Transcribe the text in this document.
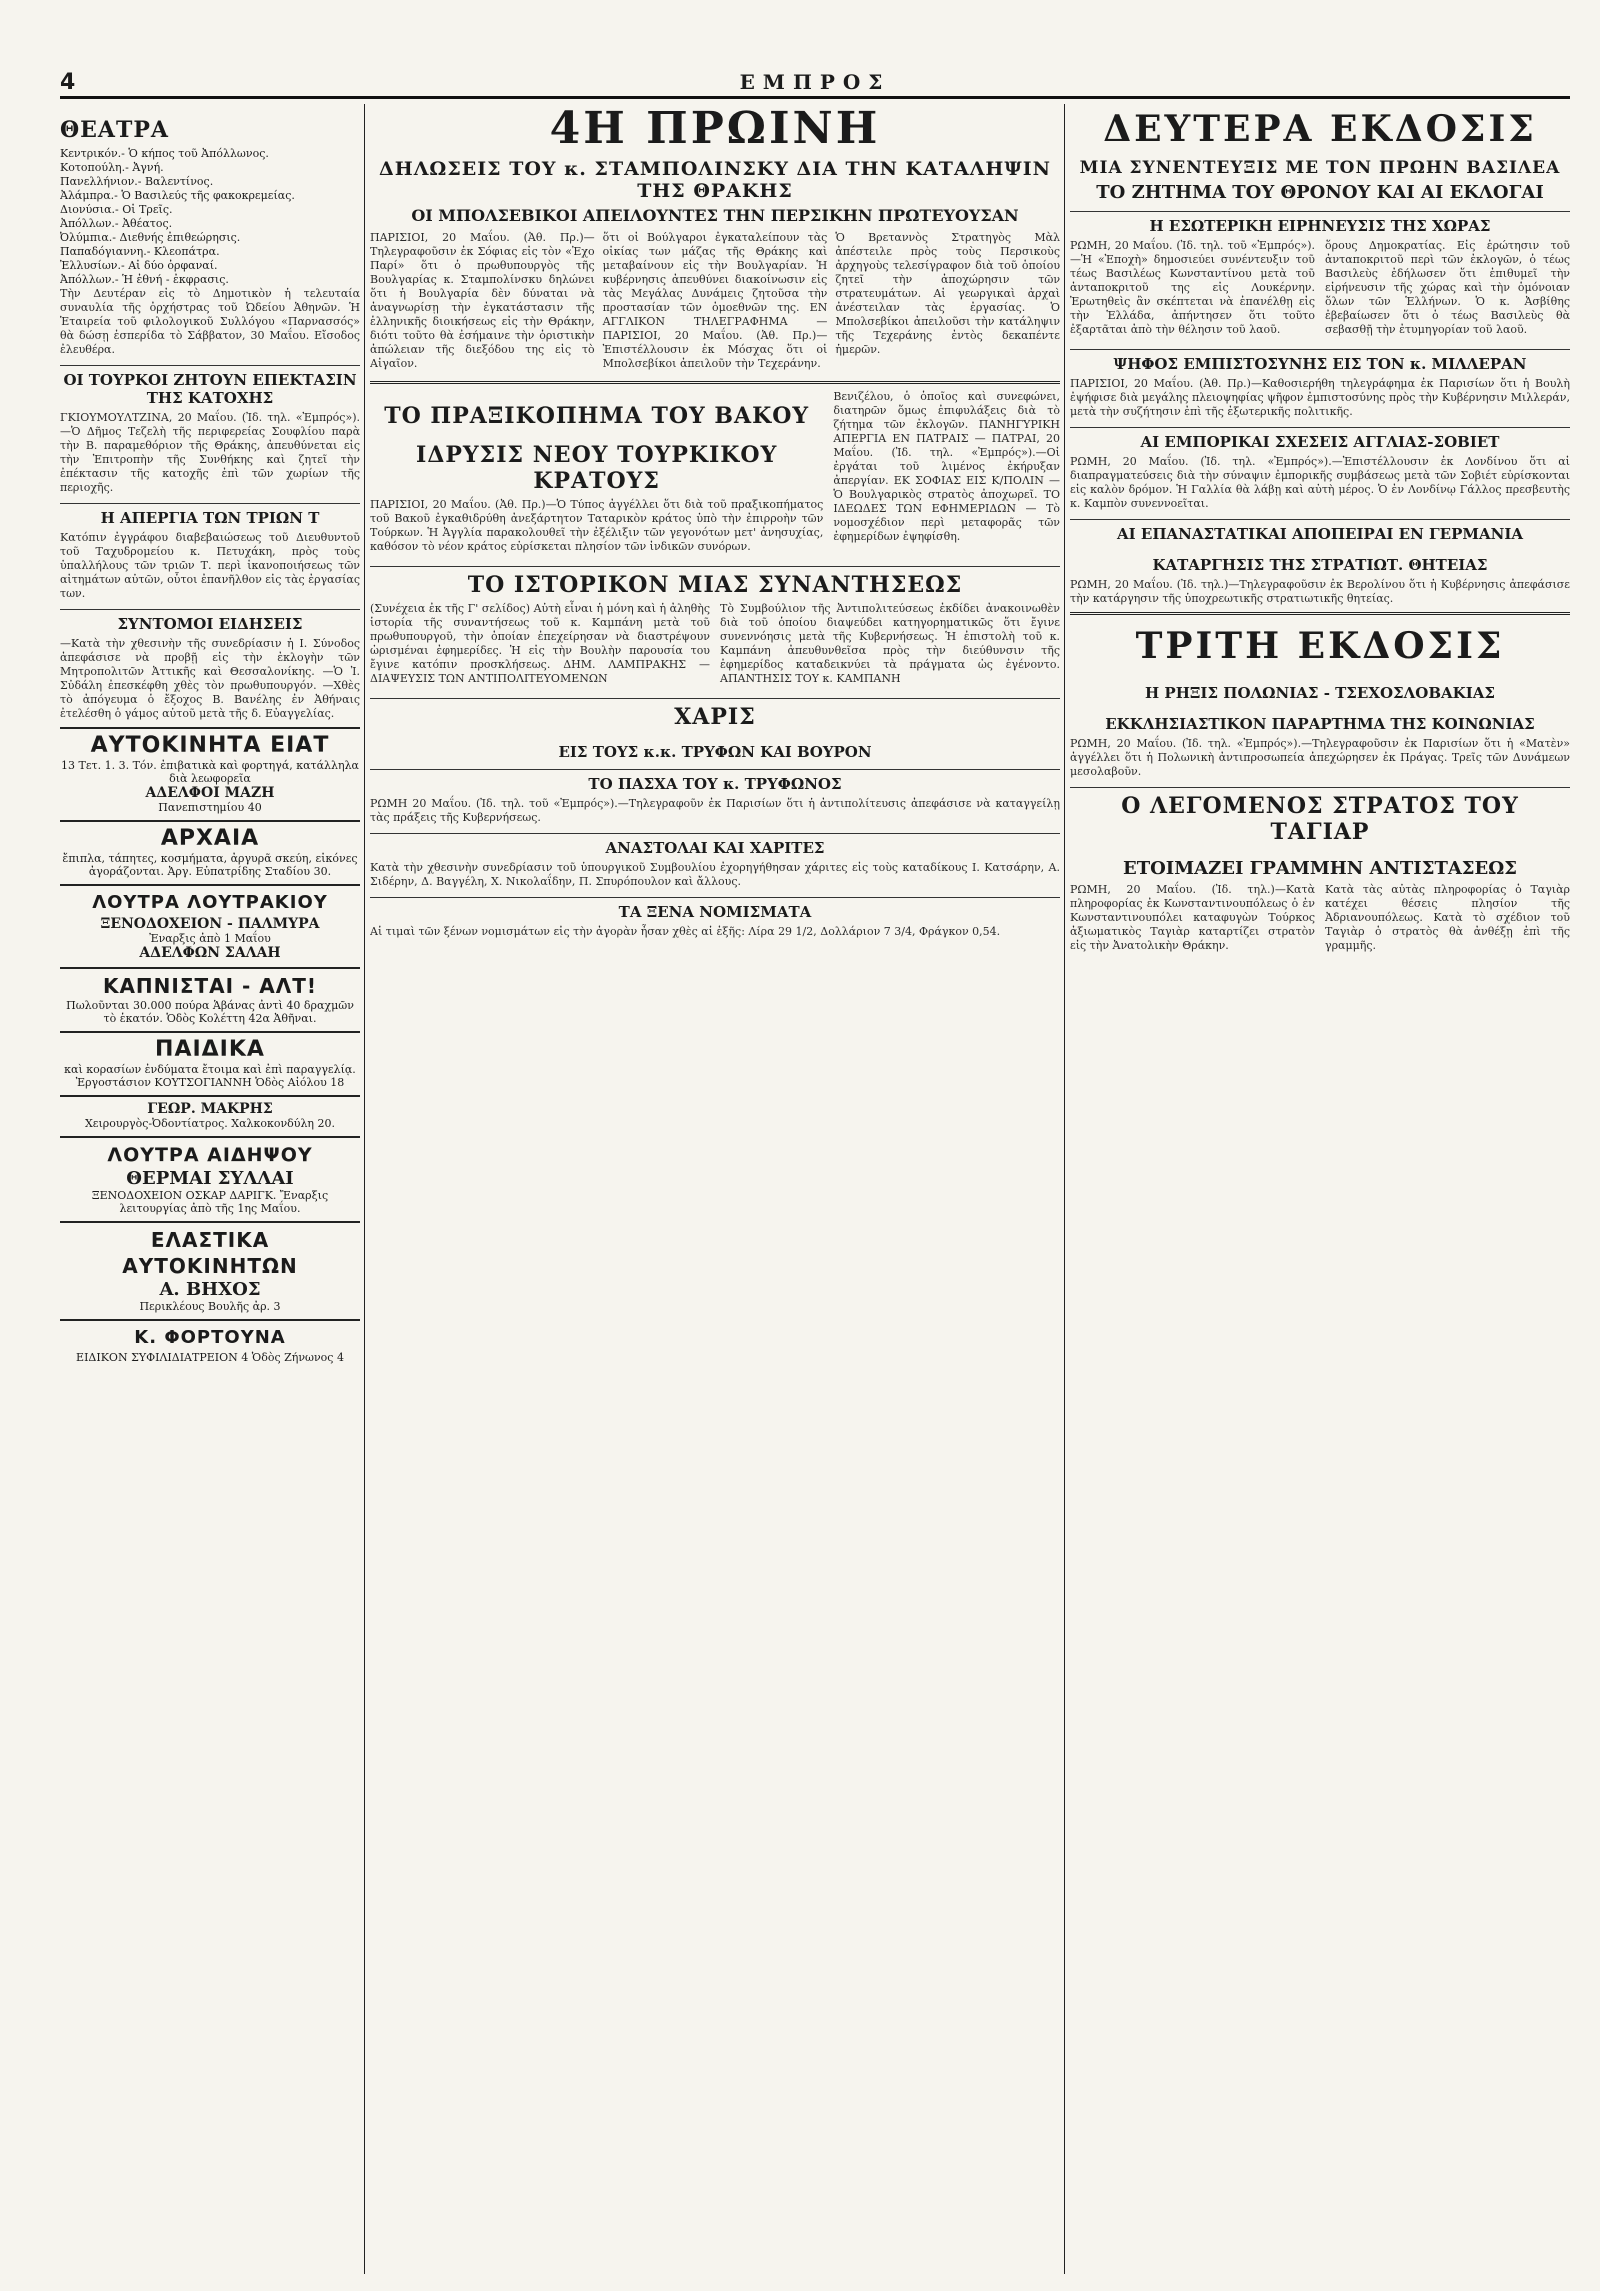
4	ΕΜΠΡΟΣ
ΘΕΑΤΡΑ

Κεντρικόν.- Ὁ κήπος τοῦ Ἀπόλλωνος.

Κοτοπούλη.- Ἀγνή.

Πανελλήνιον.- Βαλεντίνος.

Ἀλάμπρα.- Ὁ Βασιλεύς τῆς φακοκρεμείας.

Διονύσια.- Οἱ Τρεῖς.

Ἀπόλλων.- Ἀθέατος.

Ὀλύμπια.- Διεθνής ἐπιθεώρησις.

Παπαδόγιαννη.- Κλεοπάτρα.

Ἐλλυσίων.- Αἰ δύο ὀρφαναί.

Ἀπόλλων.- Ἡ ἐθνή - ἐκφρασις.

Τὴν Δευτέραν εἰς τὸ Δημοτικὸν ἡ τελευταία συναυλία τῆς ὀρχήστρας τοῦ Ὠδείου Ἀθηνῶν. Ἡ Ἑταιρεία τοῦ φιλολογικοῦ Συλλόγου «Παρνασσός» θὰ δώσῃ ἑσπερίδα τὸ Σάββατον, 30 Μαΐου. Εἴσοδος ἐλευθέρα.

ΟΙ ΤΟΥΡΚΟΙ ΖΗΤΟΥΝ ΕΠΕΚΤΑΣΙΝ ΤΗΣ ΚΑΤΟΧΗΣ

ΓΚΙΟΥΜΟΥΛΤΖΙΝΑ, 20 Μαΐου. (Ἰδ. τηλ. «Ἐμπρός»).—Ὁ Δῆμος Τεζελὴ τῆς περιφερείας Σουφλίου παρὰ τὴν Β. παραμεθόριον τῆς Θράκης, ἀπευθύνεται εἰς τὴν Ἐπιτροπὴν τῆς Συνθήκης καὶ ζητεῖ τὴν ἐπέκτασιν τῆς κατοχῆς ἐπὶ τῶν χωρίων τῆς περιοχῆς.

Η ΑΠΕΡΓΙΑ ΤΩΝ ΤΡΙΩΝ Τ

Κατόπιν ἐγγράφου διαβεβαιώσεως τοῦ Διευθυντοῦ τοῦ Ταχυδρομείου κ. Πετυχάκη, πρὸς τοὺς ὑπαλλήλους τῶν τριῶν Τ. περὶ ἱκανοποιήσεως τῶν αἰτημάτων αὐτῶν, οὗτοι ἐπανῆλθον εἰς τὰς ἐργασίας των.

ΣΥΝΤΟΜΟΙ ΕΙΔΗΣΕΙΣ

—Κατὰ τὴν χθεσινὴν τῆς συνεδρίασιν ἡ Ι. Σύνοδος ἀπεφάσισε νὰ προβῇ εἰς τὴν ἐκλογὴν τῶν Μητροπολιτῶν Ἀττικῆς καὶ Θεσσαλονίκης. —Ὁ Ἰ. Σὐδάλη ἐπεσκέφθη χθὲς τὸν πρωθυπουργόν. —Χθὲς τὸ ἀπόγευμα ὁ ἔξοχος Β. Βανέλης ἐν Ἀθήναις ἐτελέσθη ὁ γάμος αὐτοῦ μετὰ τῆς δ. Εὐαγγελίας.

ΑΥΤΟΚΙΝΗΤΑ ΕΙΑΤ
13 Τετ. 1. 3. Τόν. ἐπιβατικὰ καὶ φορτηγά, κατάλληλα διὰ λεωφορεῖα
ΑΔΕΛΦΟΙ ΜΑΖΗ
Πανεπιστημίου 40
ΑΡΧΑΙΑ
ἔπιπλα, τάπητες, κοσμήματα, ἀργυρᾶ σκεύη, εἰκόνες ἀγοράζονται. Ἀργ. Εὐπατρίδης Σταδίου 30.
ΛΟΥΤΡΑ ΛΟΥΤΡΑΚΙΟΥ
ΞΕΝΟΔΟΧΕΙΟΝ - ΠΑΛΜΥΡΑ
Ἐναρξις ἀπὸ 1 Μαΐου
ΑΔΕΛΦΩΝ ΣΑΛΑΗ
ΚΑΠΝΙΣΤΑΙ - ΑΛΤ!
Πωλοῦνται 30.000 πούρα Ἁβάνας ἀντὶ 40 δραχμῶν τὸ ἑκατόν. Ὁδὸς Κολέττη 42α Ἀθῆναι.
ΠΑΙΔΙΚΑ
καὶ κορασίων ἐνδύματα ἔτοιμα καὶ ἐπὶ παραγγελίᾳ. Ἐργοστάσιον ΚΟΥΤΣΟΓΙΑΝΝΗ Ὁδὸς Αἰόλου 18
ΓΕΩΡ. ΜΑΚΡΗΣ
Χειρουργὸς-Ὀδοντίατρος. Χαλκοκονδύλη 20.
ΛΟΥΤΡΑ ΑΙΔΗΨΟΥ
ΘΕΡΜΑΙ ΣΥΛΛΑΙ
ΞΕΝΟΔΟΧΕΙΟΝ ΟΣΚΑΡ ΔΑΡΙΓΚ. Ἔναρξις λειτουργίας ἀπὸ τῆς 1ης Μαΐου.
ΕΛΑΣΤΙΚΑ ΑΥΤΟΚΙΝΗΤΩΝ
Α. ΒΗΧΟΣ
Περικλέους Βουλῆς ἀρ. 3
Κ. ΦΟΡΤΟΥΝΑ
ΕΙΔΙΚΟΝ ΣΥΦΙΛΙΔΙΑΤΡΕΙΟΝ 4 Ὁδὸς Ζήνωνος 4
4Η ΠΡΩΙΝΗ
ΔΗΛΩΣΕΙΣ ΤΟΥ κ. ΣΤΑΜΠΟΛΙΝΣΚΥ ΔΙΑ ΤΗΝ ΚΑΤΑΛΗΨΙΝ ΤΗΣ ΘΡΑΚΗΣ
ΟΙ ΜΠΟΛΣΕΒΙΚΟΙ ΑΠΕΙΛΟΥΝΤΕΣ ΤΗΝ ΠΕΡΣΙΚΗΝ ΠΡΩΤΕΥΟΥΣΑΝ

ΠΑΡΙΣΙΟΙ, 20 Μαΐου. (Ἀθ. Πρ.)—Τηλεγραφοῦσιν ἐκ Σόφιας εἰς τὸν «Ἐχο Παρί» ὅτι ὁ πρωθυπουργὸς τῆς Βουλγαρίας κ. Σταμπολίνσκυ δηλώνει ὅτι ἡ Βουλγαρία δὲν δύναται νὰ ἀναγνωρίσῃ τὴν ἐγκατάστασιν τῆς ἑλληνικῆς διοικήσεως εἰς τὴν Θράκην, διότι τοῦτο θὰ ἐσήμαινε τὴν ὁριστικὴν ἀπώλειαν τῆς διεξόδου της εἰς τὸ Αἰγαῖον.

ὅτι οἱ Βούλγαροι ἐγκαταλείπουν τὰς οἰκίας των μάζας τῆς Θράκης καὶ μεταβαίνουν εἰς τὴν Βουλγαρίαν. Ἡ κυβέρνησις ἀπευθύνει διακοίνωσιν εἰς τὰς Μεγάλας Δυνάμεις ζητοῦσα τὴν προστασίαν τῶν ὁμοεθνῶν της. ΕΝ ΑΓΓΛΙΚΟΝ ΤΗΛΕΓΡΑΦΗΜΑ — ΠΑΡΙΣΙΟΙ, 20 Μαΐου. (Ἀθ. Πρ.)—Ἐπιστέλλουσιν ἐκ Μόσχας ὅτι οἱ Μπολσεβίκοι ἀπειλοῦν τὴν Τεχεράνην.

Ὁ Βρεταννὸς Στρατηγὸς Μὰλ ἀπέστειλε πρὸς τοὺς Περσικοὺς ἀρχηγοὺς τελεσίγραφον διὰ τοῦ ὁποίου ζητεῖ τὴν ἀποχώρησιν τῶν στρατευμάτων. Αἱ γεωργικαὶ ἀρχαὶ ἀνέστειλαν τὰς ἐργασίας. Ὁ Μπολσεβίκοι ἀπειλοῦσι τὴν κατάληψιν τῆς Τεχεράνης ἐντὸς δεκαπέντε ἡμερῶν.

ΤΟ ΠΡΑΞΙΚΟΠΗΜΑ ΤΟΥ ΒΑΚΟΥ
ΙΔΡΥΣΙΣ ΝΕΟΥ ΤΟΥΡΚΙΚΟΥ ΚΡΑΤΟΥΣ

ΠΑΡΙΣΙΟΙ, 20 Μαΐου. (Ἀθ. Πρ.)—Ὁ Τύπος ἀγγέλλει ὅτι διὰ τοῦ πραξικοπήματος τοῦ Βακοῦ ἐγκαθιδρύθη ἀνεξάρτητον Ταταρικὸν κράτος ὑπὸ τὴν ἐπιρροὴν τῶν Τούρκων. Ἡ Ἀγγλία παρακολουθεῖ τὴν ἐξέλιξιν τῶν γεγονότων μετ' ἀνησυχίας, καθόσον τὸ νέον κράτος εὑρίσκεται πλησίον τῶν ἰνδικῶν συνόρων.

Βενιζέλου, ὁ ὁποῖος καὶ συνεφώνει, διατηρῶν ὅμως ἐπιφυλάξεις διὰ τὸ ζήτημα τῶν ἐκλογῶν. ΠΑΝΗΓΥΡΙΚΗ ΑΠΕΡΓΙΑ ΕΝ ΠΑΤΡΑΙΣ — ΠΑΤΡΑΙ, 20 Μαΐου. (Ἰδ. τηλ. «Ἐμπρός»).—Οἱ ἐργάται τοῦ λιμένος ἐκήρυξαν ἀπεργίαν. ΕΚ ΣΟΦΙΑΣ ΕΙΣ Κ/ΠΟΛΙΝ — Ὁ Βουλγαρικὸς στρατὸς ἀποχωρεῖ. ΤΟ ΙΔΕΩΔΕΣ ΤΩΝ ΕΦΗΜΕΡΙΔΩΝ — Τὸ νομοσχέδιον περὶ μεταφορᾶς τῶν ἐφημερίδων ἐψηφίσθη.

ΤΟ ΙΣΤΟΡΙΚΟΝ ΜΙΑΣ ΣΥΝΑΝΤΗΣΕΩΣ

(Συνέχεια ἐκ τῆς Γ' σελίδος) Αὐτὴ εἶναι ἡ μόνη καὶ ἡ ἀληθὴς ἱστορία τῆς συναντήσεως τοῦ κ. Καμπάνη μετὰ τοῦ πρωθυπουργοῦ, τὴν ὁποίαν ἐπεχείρησαν νὰ διαστρέψουν ὡρισμέναι ἐφημερίδες. Ἡ εἰς τὴν Βουλὴν παρουσία του ἔγινε κατόπιν προσκλήσεως. ΔΗΜ. ΛΑΜΠΡΑΚΗΣ — ΔΙΑΨΕΥΣΙΣ ΤΩΝ ΑΝΤΙΠΟΛΙΤΕΥΟΜΕΝΩΝ

Τὸ Συμβούλιον τῆς Ἀντιπολιτεύσεως ἐκδίδει ἀνακοινωθὲν διὰ τοῦ ὁποίου διαψεύδει κατηγορηματικῶς ὅτι ἔγινε συνεννόησις μετὰ τῆς Κυβερνήσεως. Ἡ ἐπιστολὴ τοῦ κ. Καμπάνη ἀπευθυνθεῖσα πρὸς τὴν διεύθυνσιν τῆς ἐφημερίδος καταδεικνύει τὰ πράγματα ὡς ἐγένοντο. ΑΠΑΝΤΗΣΙΣ ΤΟΥ κ. ΚΑΜΠΑΝΗ

ΧΑΡΙΣ
ΕΙΣ ΤΟΥΣ κ.κ. ΤΡΥΦΩΝ ΚΑΙ ΒΟΥΡΟΝ
ΤΟ ΠΑΣΧΑ ΤΟΥ κ. ΤΡΥΦΩΝΟΣ

ΡΩΜΗ 20 Μαΐου. (Ἰδ. τηλ. τοῦ «Ἐμπρός»).—Τηλεγραφοῦν ἐκ Παρισίων ὅτι ἡ ἀντιπολίτευσις ἀπεφάσισε νὰ καταγγείλῃ τὰς πράξεις τῆς Κυβερνήσεως.

ΑΝΑΣΤΟΛΑΙ ΚΑΙ ΧΑΡΙΤΕΣ

Κατὰ τὴν χθεσινὴν συνεδρίασιν τοῦ ὑπουργικοῦ Συμβουλίου ἐχορηγήθησαν χάριτες εἰς τοὺς καταδίκους Ι. Κατσάρην, Α. Σιδέρην, Δ. Βαγγέλη, Χ. Νικολαΐδην, Π. Σπυρόπουλον καὶ ἄλλους.

ΤΑ ΞΕΝΑ ΝΟΜΙΣΜΑΤΑ

Αἱ τιμαὶ τῶν ξένων νομισμάτων εἰς τὴν ἀγορὰν ἦσαν χθὲς αἱ ἑξῆς: Λίρα 29 1/2, Δολλάριον 7 3/4, Φράγκον 0,54.

ΔΕΥΤΕΡΑ ΕΚΔΟΣΙΣ
ΜΙΑ ΣΥΝΕΝΤΕΥΞΙΣ ΜΕ ΤΟΝ ΠΡΩΗΝ ΒΑΣΙΛΕΑ
ΤΟ ΖΗΤΗΜΑ ΤΟΥ ΘΡΟΝΟΥ ΚΑΙ ΑΙ ΕΚΛΟΓΑΙ
Η ΕΣΩΤΕΡΙΚΗ ΕΙΡΗΝΕΥΣΙΣ ΤΗΣ ΧΩΡΑΣ

ΡΩΜΗ, 20 Μαΐου. (Ἰδ. τηλ. τοῦ «Ἐμπρός»).—Ἡ «Ἐποχὴ» δημοσιεύει συνέντευξιν τοῦ τέως Βασιλέως Κωνσταντίνου μετὰ τοῦ ἀνταποκριτοῦ της εἰς Λουκέρνην. Ἐρωτηθεὶς ἂν σκέπτεται νὰ ἐπανέλθῃ εἰς τὴν Ἑλλάδα, ἀπήντησεν ὅτι τοῦτο ἐξαρτᾶται ἀπὸ τὴν θέλησιν τοῦ λαοῦ.

ὅρους Δημοκρατίας. Εἰς ἐρώτησιν τοῦ ἀνταποκριτοῦ περὶ τῶν ἐκλογῶν, ὁ τέως Βασιλεὺς ἐδήλωσεν ὅτι ἐπιθυμεῖ τὴν εἰρήνευσιν τῆς χώρας καὶ τὴν ὁμόνοιαν ὅλων τῶν Ἑλλήνων. Ὁ κ. Ἀσβίθης ἐβεβαίωσεν ὅτι ὁ τέως Βασιλεὺς θὰ σεβασθῇ τὴν ἐτυμηγορίαν τοῦ λαοῦ.

ΨΗΦΟΣ ΕΜΠΙΣΤΟΣΥΝΗΣ ΕΙΣ ΤΟΝ κ. ΜΙΛΛΕΡΑΝ

ΠΑΡΙΣΙΟΙ, 20 Μαΐου. (Ἀθ. Πρ.)—Καθοσιερήθη τηλεγράφημα ἐκ Παρισίων ὅτι ἡ Βουλὴ ἐψήφισε διὰ μεγάλης πλειοψηφίας ψῆφον ἐμπιστοσύνης πρὸς τὴν Κυβέρνησιν Μιλλεράν, μετὰ τὴν συζήτησιν ἐπὶ τῆς ἐξωτερικῆς πολιτικῆς.

ΑΙ ΕΜΠΟΡΙΚΑΙ ΣΧΕΣΕΙΣ ΑΓΓΛΙΑΣ-ΣΟΒΙΕΤ

ΡΩΜΗ, 20 Μαΐου. (Ἰδ. τηλ. «Ἐμπρός»).—Ἐπιστέλλουσιν ἐκ Λονδίνου ὅτι αἱ διαπραγματεύσεις διὰ τὴν σύναψιν ἐμπορικῆς συμβάσεως μετὰ τῶν Σοβιέτ εὑρίσκονται εἰς καλὸν δρόμον. Ἡ Γαλλία θὰ λάβῃ καὶ αὐτὴ μέρος. Ὁ ἐν Λονδίνῳ Γάλλος πρεσβευτὴς κ. Καμπὸν συνεννοεῖται.

ΑΙ ΕΠΑΝΑΣΤΑΤΙΚΑΙ ΑΠΟΠΕΙΡΑΙ ΕΝ ΓΕΡΜΑΝΙΑ
ΚΑΤΑΡΓΗΣΙΣ ΤΗΣ ΣΤΡΑΤΙΩΤ. ΘΗΤΕΙΑΣ

ΡΩΜΗ, 20 Μαΐου. (Ἰδ. τηλ.)—Τηλεγραφοῦσιν ἐκ Βερολίνου ὅτι ἡ Κυβέρνησις ἀπεφάσισε τὴν κατάργησιν τῆς ὑποχρεωτικῆς στρατιωτικῆς θητείας.

ΤΡΙΤΗ ΕΚΔΟΣΙΣ
Η ΡΗΞΙΣ ΠΟΛΩΝΙΑΣ - ΤΣΕΧΟΣΛΟΒΑΚΙΑΣ
ΕΚΚΛΗΣΙΑΣΤΙΚΟΝ ΠΑΡΑΡΤΗΜΑ ΤΗΣ ΚΟΙΝΩΝΙΑΣ

ΡΩΜΗ, 20 Μαΐου. (Ἰδ. τηλ. «Ἐμπρός»).—Τηλεγραφοῦσιν ἐκ Παρισίων ὅτι ἡ «Ματὲν» ἀγγέλλει ὅτι ἡ Πολωνικὴ ἀντιπροσωπεία ἀπεχώρησεν ἐκ Πράγας. Τρεῖς τῶν Δυνάμεων μεσολαβοῦν.

Ο ΛΕΓΟΜΕΝΟΣ ΣΤΡΑΤΟΣ ΤΟΥ ΤΑΓΙΑΡ
ΕΤΟΙΜΑΖΕΙ ΓΡΑΜΜΗΝ ΑΝΤΙΣΤΑΣΕΩΣ

ΡΩΜΗ, 20 Μαΐου. (Ἰδ. τηλ.)—Κατὰ πληροφορίας ἐκ Κωνσταντινουπόλεως ὁ ἐν Κωνσταντινουπόλει καταφυγὼν Τούρκος ἀξιωματικὸς Ταγιὰρ καταρτίζει στρατὸν εἰς τὴν Ἀνατολικὴν Θράκην.

Κατὰ τὰς αὐτὰς πληροφορίας ὁ Ταγιὰρ κατέχει θέσεις πλησίον τῆς Ἀδριανουπόλεως. Κατὰ τὸ σχέδιον τοῦ Ταγιὰρ ὁ στρατὸς θὰ ἀνθέξῃ ἐπὶ τῆς γραμμῆς.
